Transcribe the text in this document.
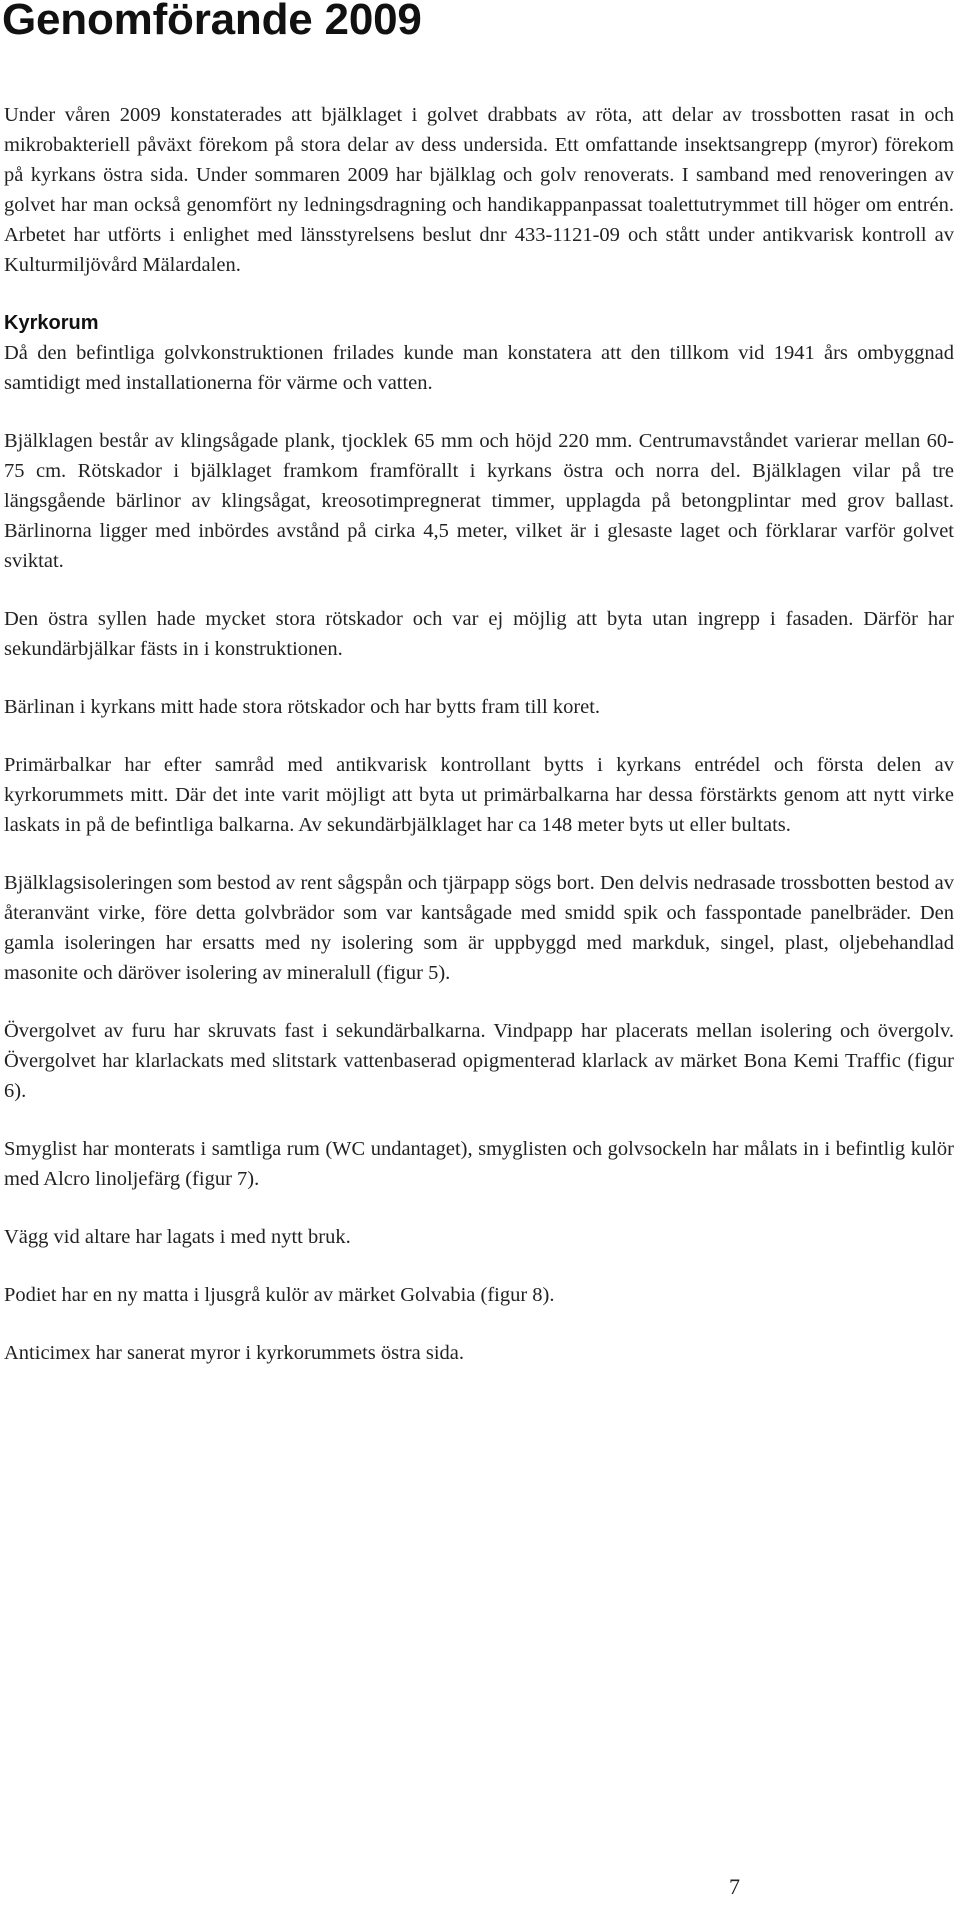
Genomförande 2009

Under våren 2009 konstaterades att bjälklaget i golvet drabbats av röta, att delar av trossbotten rasat in och mikrobakteriell påväxt förekom på stora delar av dess undersida. Ett omfattande insektsangrepp (myror) förekom på kyrkans östra sida. Under sommaren 2009 har bjälklag och golv renoverats. I samband med renoveringen av golvet har man också genomfört ny ledningsdragning och handikappanpassat toalettutrymmet till höger om entrén. Arbetet har utförts i enlighet med länsstyrelsens beslut dnr 433-1121-09 och stått under antikvarisk kontroll av Kulturmiljövård Mälardalen.

Kyrkorum
Då den befintliga golvkonstruktionen frilades kunde man konstatera att den tillkom vid 1941 års ombyggnad samtidigt med installationerna för värme och vatten.

Bjälklagen består av klingsågade plank, tjocklek 65 mm och höjd 220 mm. Centrumavståndet varierar mellan 60-75 cm. Rötskador i bjälklaget framkom framförallt i kyrkans östra och norra del. Bjälklagen vilar på tre längsgående bärlinor av klingsågat, kreosotimpregnerat timmer, upplagda på betongplintar med grov ballast. Bärlinorna ligger med inbördes avstånd på cirka 4,5 meter, vilket är i glesaste laget och förklarar varför golvet sviktat.

Den östra syllen hade mycket stora rötskador och var ej möjlig att byta utan ingrepp i fasaden. Därför har sekundärbjälkar fästs in i konstruktionen.

Bärlinan i kyrkans mitt hade stora rötskador och har bytts fram till koret.

Primärbalkar har efter samråd med antikvarisk kontrollant bytts i kyrkans entrédel och första delen av kyrkorummets mitt. Där det inte varit möjligt att byta ut primärbalkarna har dessa förstärkts genom att nytt virke laskats in på de befintliga balkarna. Av sekundärbjälklaget har ca 148 meter byts ut eller bultats.

Bjälklagsisoleringen som bestod av rent sågspån och tjärpapp sögs bort. Den delvis nedrasade trossbotten bestod av återanvänt virke, före detta golvbrädor som var kantsågade med smidd spik och fasspontade panelbräder. Den gamla isoleringen har ersatts med ny isolering som är uppbyggd med markduk, singel, plast, oljebehandlad masonite och däröver isolering av mineralull (figur 5).

Övergolvet av furu har skruvats fast i sekundärbalkarna. Vindpapp har placerats mellan isolering och övergolv. Övergolvet har klarlackats med slitstark vattenbaserad opigmenterad klarlack av märket Bona Kemi Traffic (figur 6).

Smyglist har monterats i samtliga rum (WC undantaget), smyglisten och golvsockeln har målats in i befintlig kulör med Alcro linoljefärg (figur 7).

Vägg vid altare har lagats i med nytt bruk.

Podiet har en ny matta i ljusgrå kulör av märket Golvabia (figur 8).

Anticimex har sanerat myror i kyrkorummets östra sida.

7
